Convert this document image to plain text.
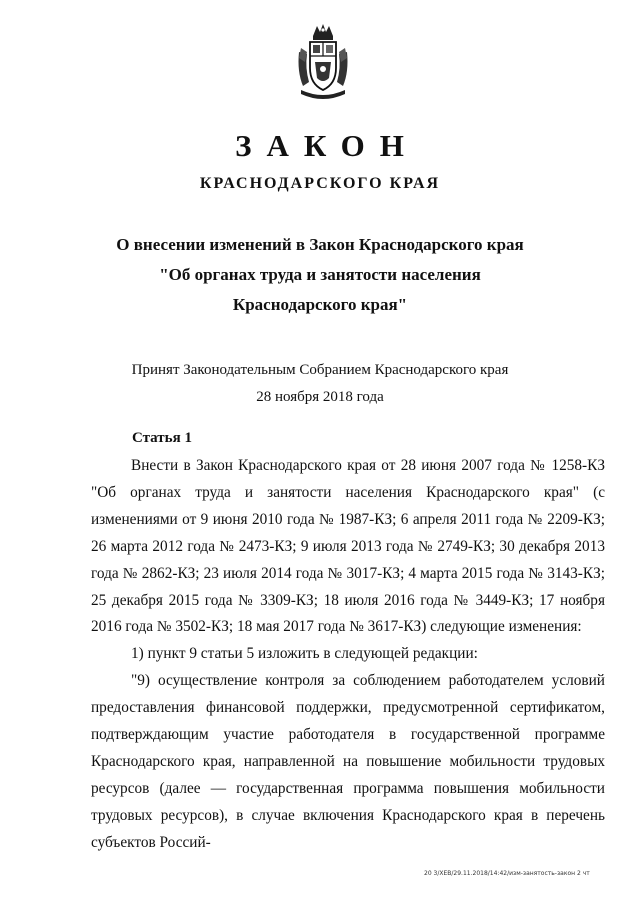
ЗАКОН
КРАСНОДАРСКОГО КРАЯ
О внесении изменений в Закон Краснодарского края
"Об органах труда и занятости населения
Краснодарского края"
Принят Законодательным Собранием Краснодарского края
28 ноября 2018 года
Статья 1

Внести в Закон Краснодарского края от 28 июня 2007 года № 1258-КЗ "Об органах труда и занятости населения Краснодарского края" (с изменениями от 9 июня 2010 года № 1987-КЗ; 6 апреля 2011 года № 2209-КЗ; 26 марта 2012 года № 2473-КЗ; 9 июля 2013 года № 2749-КЗ; 30 декабря 2013 года № 2862-КЗ; 23 июля 2014 года № 3017-КЗ; 4 марта 2015 года № 3143-КЗ; 25 декабря 2015 года № 3309-КЗ; 18 июля 2016 года № 3449-КЗ; 17 ноября 2016 года № 3502-КЗ; 18 мая 2017 года № 3617-КЗ) следующие изменения:

1) пункт 9 статьи 5 изложить в следующей редакции:

"9) осуществление контроля за соблюдением работодателем условий предоставления финансовой поддержки, предусмотренной сертификатом, подтверждающим участие работодателя в государственной программе Краснодарского края, направленной на повышение мобильности трудовых ресурсов (далее — государственная программа повышения мобильности трудовых ресурсов), в случае включения Краснодарского края в перечень субъектов Россий-

20 3/ХЕВ/29.11.2018/14:42/изм-занятость-закон 2 чт
